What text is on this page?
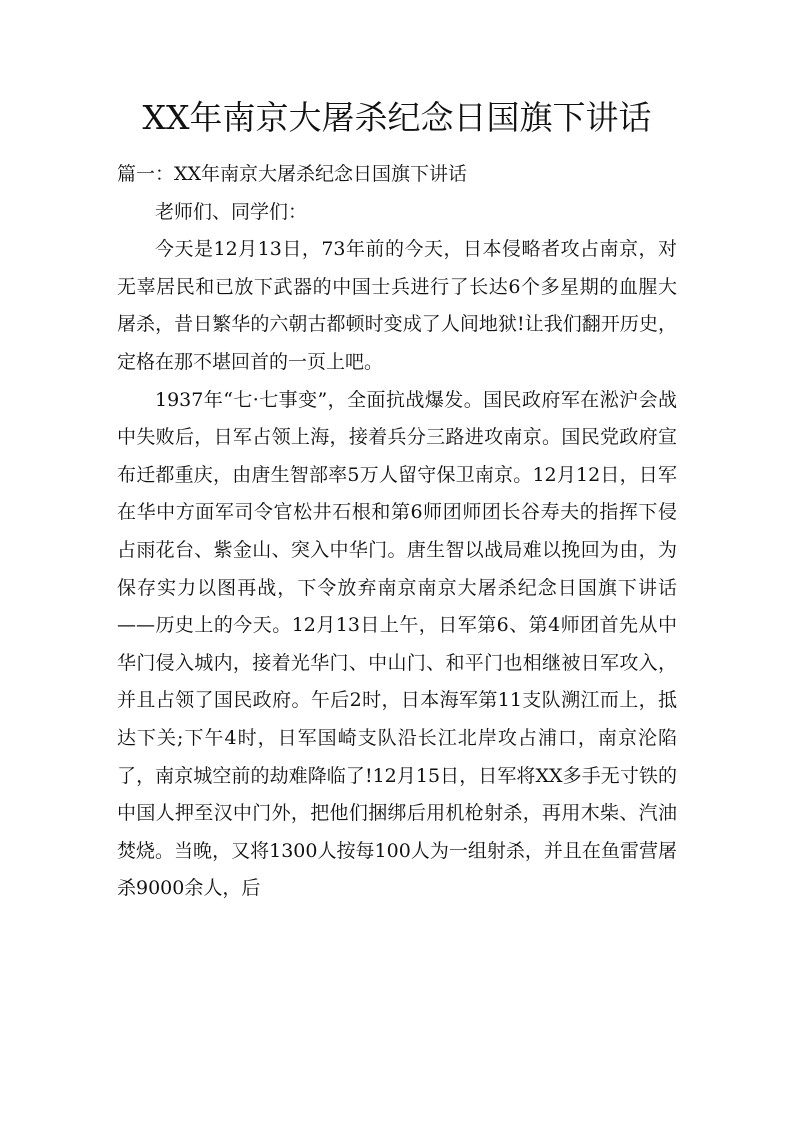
XX年南京大屠杀纪念日国旗下讲话

篇一：XX年南京大屠杀纪念日国旗下讲话

老师们、同学们：

今天是12月13日，73年前的今天，日本侵略者攻占南京，对无辜居民和已放下武器的中国士兵进行了长达6个多星期的血腥大屠杀，昔日繁华的六朝古都顿时变成了人间地狱!让我们翻开历史，定格在那不堪回首的一页上吧。

1937年“七·七事变”，全面抗战爆发。国民政府军在淞沪会战中失败后，日军占领上海，接着兵分三路进攻南京。国民党政府宣布迁都重庆，由唐生智部率5万人留守保卫南京。12月12日，日军在华中方面军司令官松井石根和第6师团师团长谷寿夫的指挥下侵占雨花台、紫金山、突入中华门。唐生智以战局难以挽回为由，为保存实力以图再战，下令放弃南京南京大屠杀纪念日国旗下讲话——历史上的今天。12月13日上午，日军第6、第4师团首先从中华门侵入城内，接着光华门、中山门、和平门也相继被日军攻入，并且占领了国民政府。午后2时，日本海军第11支队溯江而上，抵达下关;下午4时，日军国崎支队沿长江北岸攻占浦口，南京沦陷了，南京城空前的劫难降临了!12月15日，日军将XX多手无寸铁的中国人押至汉中门外，把他们捆绑后用机枪射杀，再用木柴、汽油焚烧。当晚，又将1300人按每100人为一组射杀，并且在鱼雷营屠杀9000余人，后
